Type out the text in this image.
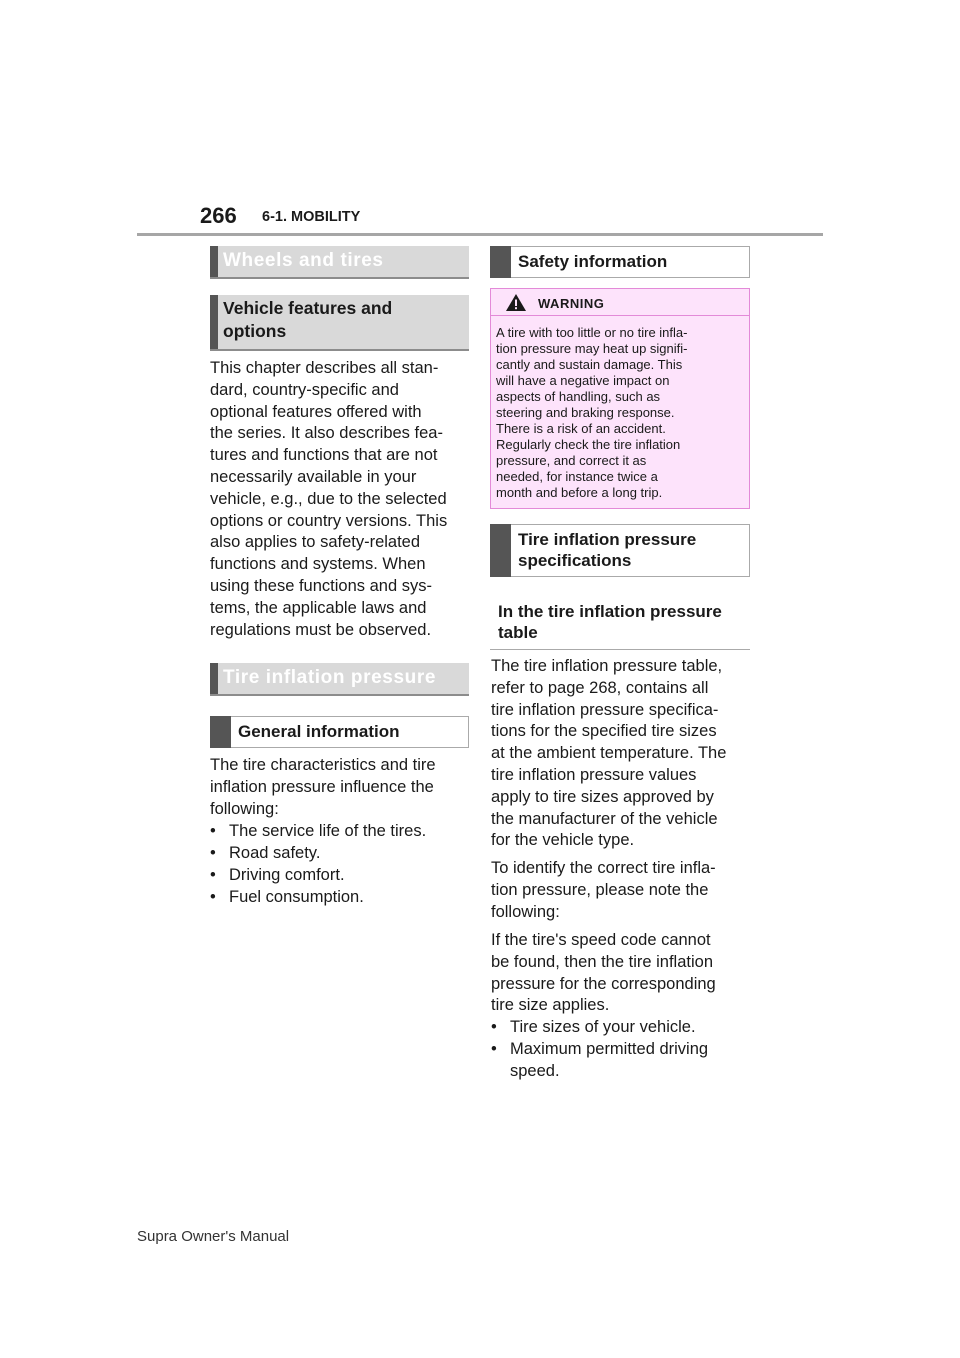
266 6-1. MOBILITY
Wheels and tires
Vehicle features and
options
This chapter describes all stan-
dard, country-specific and
optional features offered with
the series. It also describes fea-
tures and functions that are not
necessarily available in your
vehicle, e.g., due to the selected
options or country versions. This
also applies to safety-related
functions and systems. When
using these functions and sys-
tems, the applicable laws and
regulations must be observed.
Tire inflation pressure
General information
The tire characteristics and tire
inflation pressure influence the
following:
• The service life of the tires.
• Road safety.
• Driving comfort.
• Fuel consumption.
Safety information
WARNING
A tire with too little or no tire infla-
tion pressure may heat up signifi-
cantly and sustain damage. This
will have a negative impact on
aspects of handling, such as
steering and braking response.
There is a risk of an accident.
Regularly check the tire inflation
pressure, and correct it as
needed, for instance twice a
month and before a long trip.
Tire inflation pressure
specifications
In the tire inflation pressure
table
The tire inflation pressure table,
refer to page 268, contains all
tire inflation pressure specifica-
tions for the specified tire sizes
at the ambient temperature. The
tire inflation pressure values
apply to tire sizes approved by
the manufacturer of the vehicle
for the vehicle type.
To identify the correct tire infla-
tion pressure, please note the
following:
If the tire's speed code cannot
be found, then the tire inflation
pressure for the corresponding
tire size applies.
• Tire sizes of your vehicle.
• Maximum permitted driving
speed.
Supra Owner's Manual
